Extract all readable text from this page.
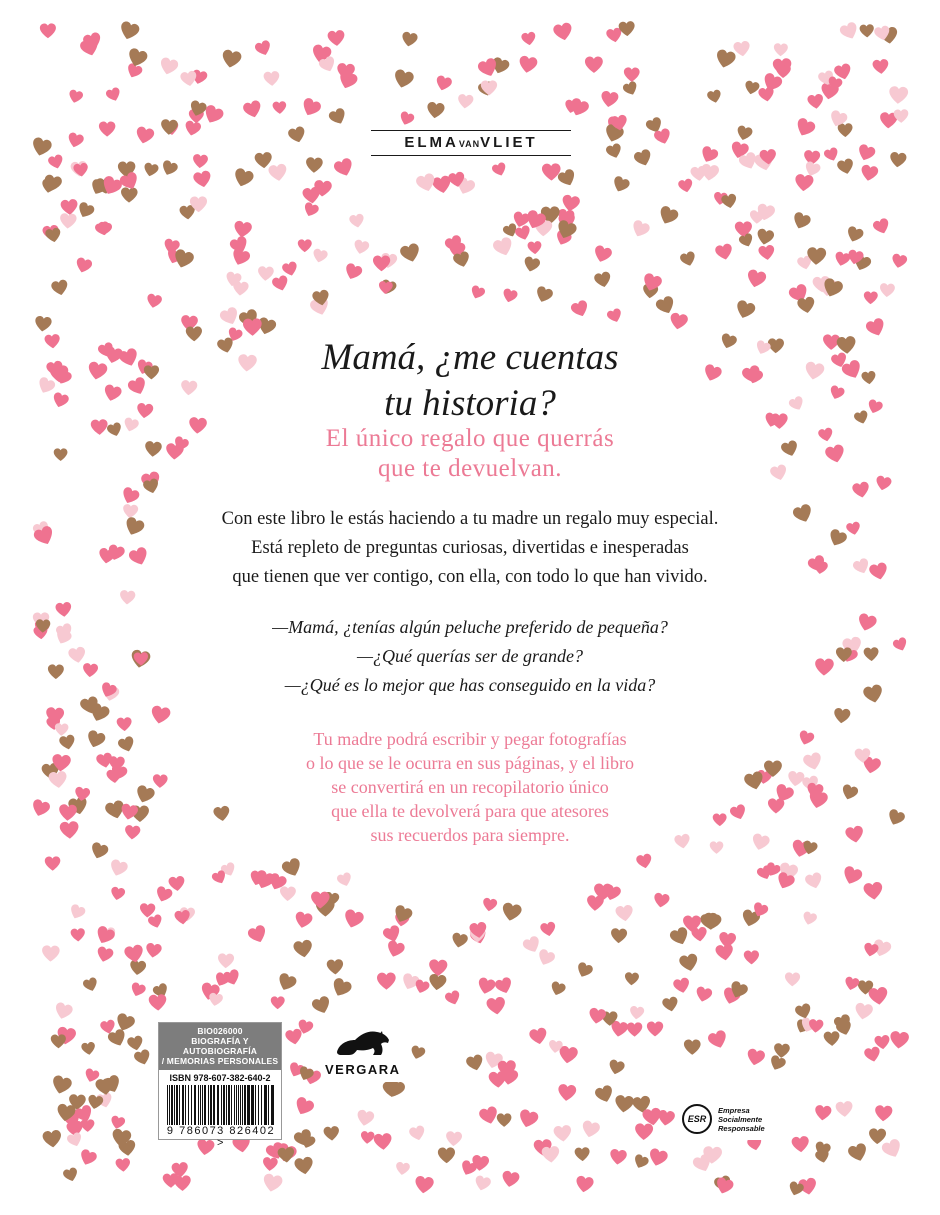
ELMAVANVLIET
Mamá, ¿me cuentas
tu historia?
El único regalo que querrás
que te devuelvan.
Con este libro le estás haciendo a tu madre un regalo muy especial.
Está repleto de preguntas curiosas, divertidas e inesperadas
que tienen que ver contigo, con ella, con todo lo que han vivido.
—Mamá, ¿tenías algún peluche preferido de pequeña?
—¿Qué querías ser de grande?
—¿Qué es lo mejor que has conseguido en la vida?
Tu madre podrá escribir y pegar fotografías
o lo que se le ocurra en sus páginas, y el libro
se convertirá en un recopilatorio único
que ella te devolverá para que atesores
sus recuerdos para siempre.
BIO026000
BIOGRAFÍA Y AUTOBIOGRAFÍA
/ MEMORIAS PERSONALES
ISBN 978-607-382-640-2
9 786073 826402 >
VERGARA
ESR
Empresa
Socialmente
Responsable
